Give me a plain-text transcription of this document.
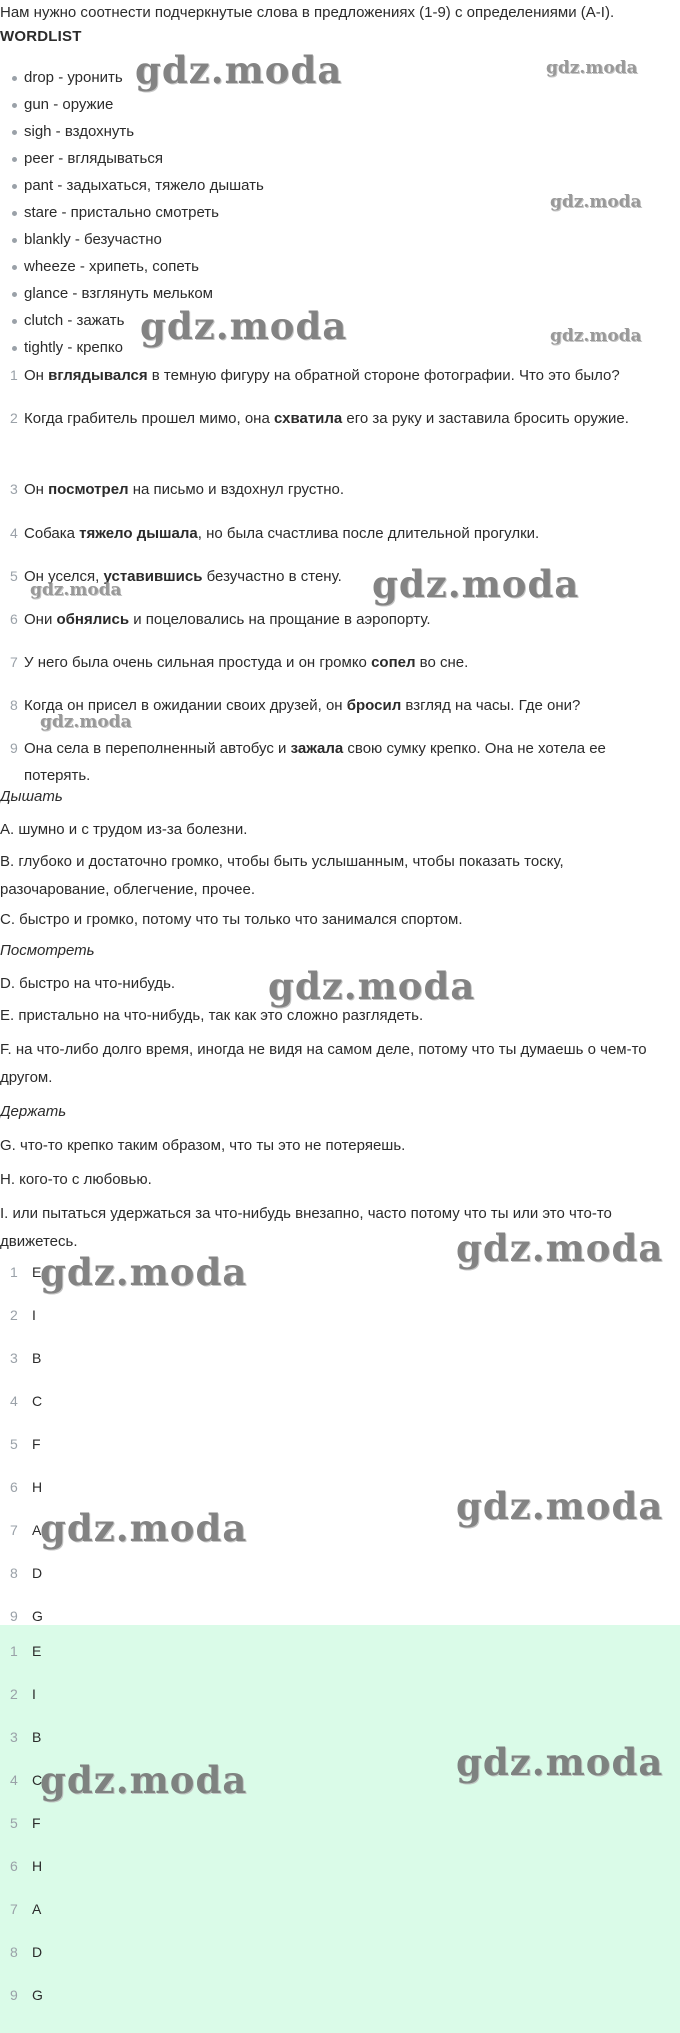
Нам нужно соотнести подчеркнутые слова в предложениях (1-9) с определениями (A-I).
WORDLIST
drop - уронить
gun - оружие
sigh - вздохнуть
peer - вглядываться
pant - задыхаться, тяжело дышать
stare - пристально смотреть
blankly - безучастно
wheeze - хрипеть, сопеть
glance - взглянуть мельком
clutch - зажать
tightly - крепко
1 Он вглядывался в темную фигуру на обратной стороне фотографии. Что это было?
2 Когда грабитель прошел мимо, она схватила его за руку и заставила бросить оружие.
3 Он посмотрел на письмо и вздохнул грустно.
4 Собака тяжело дышала, но была счастлива после длительной прогулки.
5 Он уселся, уставившись безучастно в стену.
6 Они обнялись и поцеловались на прощание в аэропорту.
7 У него была очень сильная простуда и он громко сопел во сне.
8 Когда он присел в ожидании своих друзей, он бросил взгляд на часы. Где они?
9 Она села в переполненный автобус и зажала свою сумку крепко. Она не хотела ее потерять.
Дышать
A. шумно и с трудом из-за болезни.
B. глубоко и достаточно громко, чтобы быть услышанным, чтобы показать тоску, разочарование, облегчение, прочее.
C. быстро и громко, потому что ты только что занимался спортом.
Посмотреть
D. быстро на что-нибудь.
E. пристально на что-нибудь, так как это сложно разглядеть.
F. на что-либо долго время, иногда не видя на самом деле, потому что ты думаешь о чем-то другом.
Держать
G. что-то крепко таким образом, что ты это не потеряешь.
H. кого-то с любовью.
I. или пытаться удержаться за что-нибудь внезапно, часто потому что ты или это что-то движетесь.
1 E
2 I
3 B
4 C
5 F
6 H
7 A
8 D
9 G
1 E
2 I
3 B
4 C
5 F
6 H
7 A
8 D
9 G
gdz.moda	gdz.moda
gdz.moda
gdz.moda	gdz.moda
gdz.moda
gdz.moda
gdz.moda
gdz.moda
gdz.moda
gdz.moda
gdz.moda	gdz.moda
gdz.moda	gdz.moda
